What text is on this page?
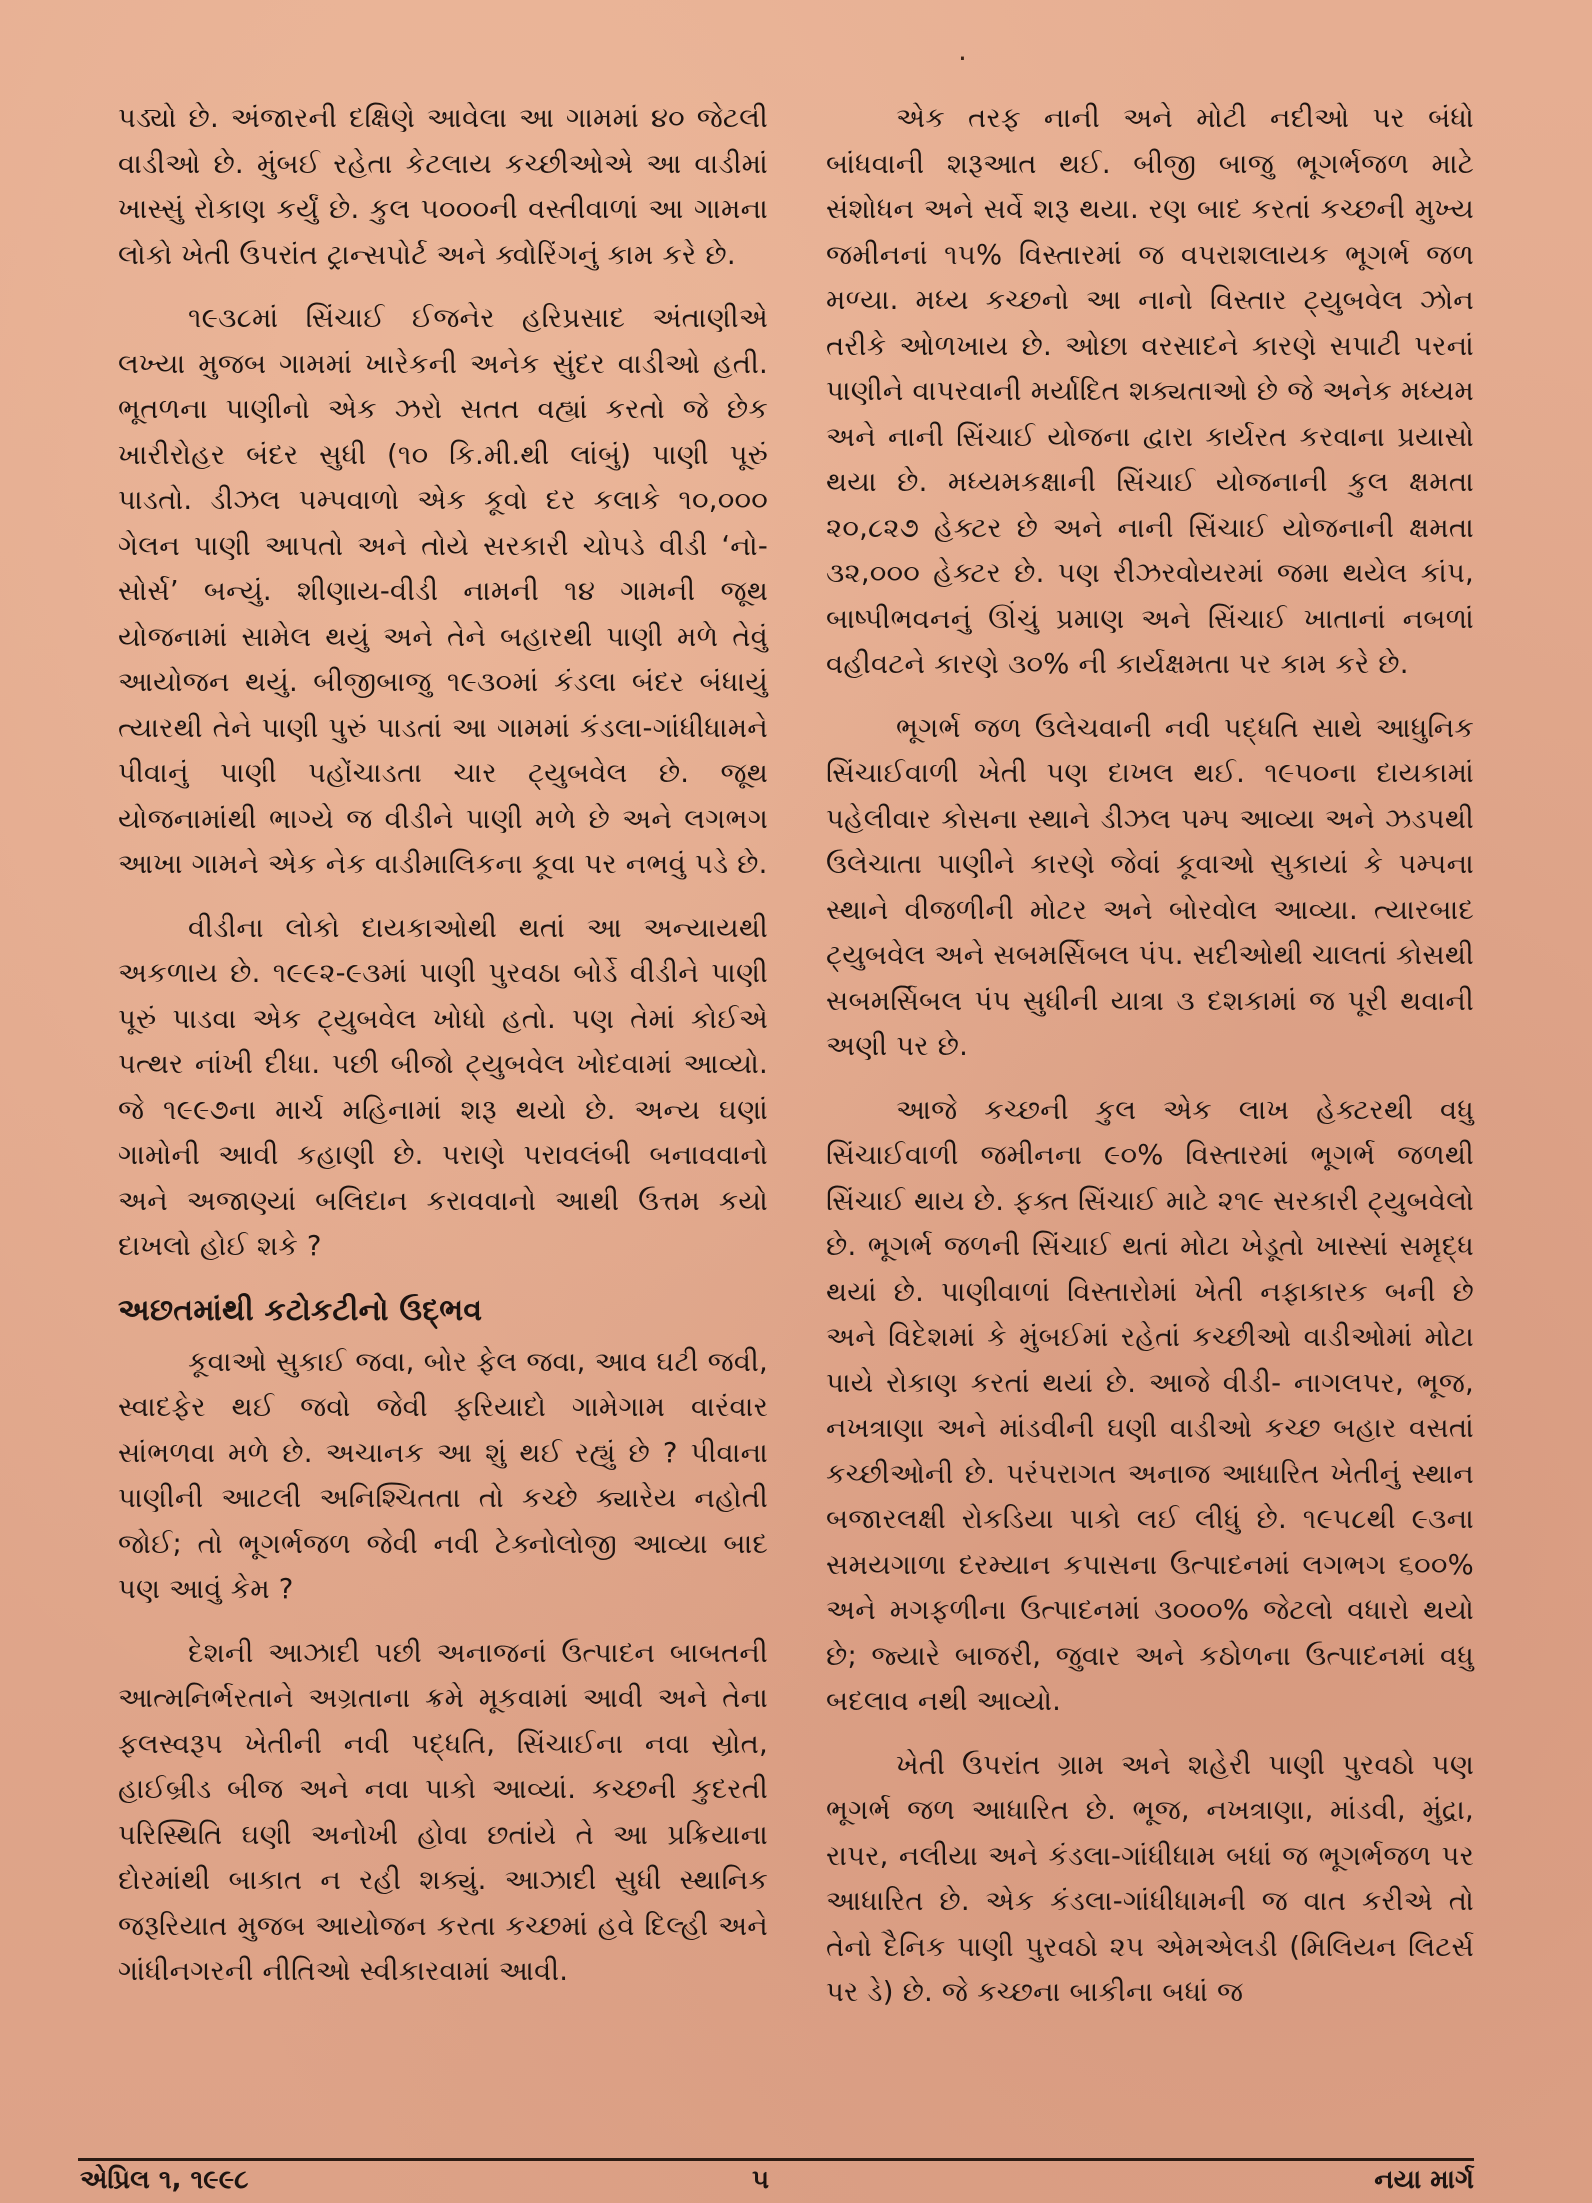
પડ્યો છે. અંજારની દક્ષિણે આવેલા આ ગામમાં ૪૦ જેટલી વાડીઓ છે. મુંબઈ રહેતા કેટલાય કચ્છીઓએ આ વાડીમાં ખાસ્સું રોકાણ કર્યું છે. કુલ ૫૦૦૦ની વસ્તીવાળાં આ ગામના લોકો ખેતી ઉપરાંત ટ્રાન્સપોર્ટ અને ક્વોરિંગનું કામ કરે છે.

૧૯૩૮માં સિંચાઈ ઈજનેર હરિપ્રસાદ અંતાણીએ લખ્યા મુજબ ગામમાં ખારેકની અનેક સુંદર વાડીઓ હતી. ભૂતળના પાણીનો એક ઝરો સતત વહ્યાં કરતો જે છેક ખારીરોહર બંદર સુધી (૧૦ કિ.મી.થી લાંબું) પાણી પૂરું પાડતો. ડીઝલ પમ્પવાળો એક કૂવો દર કલાકે ૧૦,૦૦૦ ગેલન પાણી આપતો અને તોયે સરકારી ચોપડે વીડી ‘નો-સોર્સ’ બન્યું. શીણાય-વીડી નામની ૧૪ ગામની જૂથ યોજનામાં સામેલ થયું અને તેને બહારથી પાણી મળે તેવું આયોજન થયું. બીજીબાજુ ૧૯૩૦માં કંડલા બંદર બંધાયું ત્યારથી તેને પાણી પુરું પાડતાં આ ગામમાં કંડલા-ગાંધીધામને પીવાનું પાણી પહોંચાડતા ચાર ટ્યુબવેલ છે. જૂથ યોજનામાંથી ભાગ્યે જ વીડીને પાણી મળે છે અને લગભગ આખા ગામને એક નેક વાડીમાલિકના કૂવા પર નભવું પડે છે.

વીડીના લોકો દાયકાઓથી થતાં આ અન્યાયથી અકળાય છે. ૧૯૯૨-૯૩માં પાણી પુરવઠા બોર્ડે વીડીને પાણી પૂરું પાડવા એક ટ્યુબવેલ ખોધો હતો. પણ તેમાં કોઈએ પત્થર નાંખી દીધા. પછી બીજો ટ્યુબવેલ ખોદવામાં આવ્યો. જે ૧૯૯૭ના માર્ચ મહિનામાં શરૂ થયો છે. અન્ય ઘણાં ગામોની આવી કહાણી છે. પરાણે પરાવલંબી બનાવવાનો અને અજાણ્યાં બલિદાન કરાવવાનો આથી ઉત્તમ કયો દાખલો હોઈ શકે ?

અછતમાંથી કટોકટીનો ઉદ્ભવ

કૂવાઓ સુકાઈ જવા, બોર ફેલ જવા, આવ ઘટી જવી, સ્વાદફેર થઈ જવો જેવી ફરિયાદો ગામેગામ વારંવાર સાંભળવા મળે છે. અચાનક આ શું થઈ રહ્યું છે ? પીવાના પાણીની આટલી અનિશ્ચિતતા તો કચ્છે ક્યારેય નહોતી જોઈ; તો ભૂગર્ભજળ જેવી નવી ટેક્નોલોજી આવ્યા બાદ પણ આવું કેમ ?

દેશની આઝાદી પછી અનાજનાં ઉત્પાદન બાબતની આત્મનિર્ભરતાને અગ્રતાના ક્રમે મૂકવામાં આવી અને તેના ફલસ્વરૂપ ખેતીની નવી પદ્ધતિ, સિંચાઈના નવા સ્રોત, હાઈબ્રીડ બીજ અને નવા પાકો આવ્યાં. કચ્છની કુદરતી પરિસ્થિતિ ઘણી અનોખી હોવા છતાંયે તે આ પ્રક્રિયાના દોરમાંથી બાકાત ન રહી શક્યું. આઝાદી સુધી સ્થાનિક જરૂરિયાત મુજબ આયોજન કરતા કચ્છમાં હવે દિલ્હી અને ગાંધીનગરની નીતિઓ સ્વીકારવામાં આવી.

એક તરફ નાની અને મોટી નદીઓ પર બંધો બાંધવાની શરૂઆત થઈ. બીજી બાજુ ભૂગર્ભજળ માટે સંશોધન અને સર્વે શરૂ થયા. રણ બાદ કરતાં કચ્છની મુખ્ય જમીનનાં ૧૫% વિસ્તારમાં જ વપરાશલાયક ભૂગર્ભ જળ મળ્યા. મધ્ય કચ્છનો આ નાનો વિસ્તાર ટ્યુબવેલ ઝોન તરીકે ઓળખાય છે. ઓછા વરસાદને કારણે સપાટી પરનાં પાણીને વાપરવાની મર્યાદિત શક્યતાઓ છે જે અનેક મધ્યમ અને નાની સિંચાઈ યોજના દ્વારા કાર્યરત કરવાના પ્રયાસો થયા છે. મધ્યમકક્ષાની સિંચાઈ યોજનાની કુલ ક્ષમતા ૨૦,૮૨૭ હેક્ટર છે અને નાની સિંચાઈ યોજનાની ક્ષમતા ૩૨,૦૦૦ હેક્ટર છે. પણ રીઝરવોયરમાં જમા થયેલ કાંપ, બાષ્પીભવનનું ઊંચું પ્રમાણ અને સિંચાઈ ખાતાનાં નબળાં વહીવટને કારણે ૩૦% ની કાર્યક્ષમતા પર કામ કરે છે.

ભૂગર્ભ જળ ઉલેચવાની નવી પદ્ધતિ સાથે આધુનિક સિંચાઈવાળી ખેતી પણ દાખલ થઈ. ૧૯૫૦ના દાયકામાં પહેલીવાર કોસના સ્થાને ડીઝલ પમ્પ આવ્યા અને ઝડપથી ઉલેચાતા પાણીને કારણે જેવાં કૂવાઓ સુકાયાં કે પમ્પના સ્થાને વીજળીની મોટર અને બોરવોલ આવ્યા. ત્યારબાદ ટ્યુબવેલ અને સબમર્સિબલ પંપ. સદીઓથી ચાલતાં કોસથી સબમર્સિબલ પંપ સુધીની યાત્રા ૩ દશકામાં જ પૂરી થવાની અણી પર છે.

આજે કચ્છની કુલ એક લાખ હેક્ટરથી વધુ સિંચાઈવાળી જમીનના ૯૦% વિસ્તારમાં ભૂગર્ભ જળથી સિંચાઈ થાય છે. ફક્ત સિંચાઈ માટે ૨૧૯ સરકારી ટ્યુબવેલો છે. ભૂગર્ભ જળની સિંચાઈ થતાં મોટા ખેડૂતો ખાસ્સાં સમૃદ્ધ થયાં છે. પાણીવાળાં વિસ્તારોમાં ખેતી નફાકારક બની છે અને વિદેશમાં કે મુંબઈમાં રહેતાં કચ્છીઓ વાડીઓમાં મોટા પાયે રોકાણ કરતાં થયાં છે. આજે વીડી- નાગલપર, ભૂજ, નખત્રાણા અને માંડવીની ઘણી વાડીઓ કચ્છ બહાર વસતાં કચ્છીઓની છે. પરંપરાગત અનાજ આધારિત ખેતીનું સ્થાન બજારલક્ષી રોકડિયા પાકો લઈ લીધું છે. ૧૯૫૮થી ૯૩ના સમયગાળા દરમ્યાન કપાસના ઉત્પાદનમાં લગભગ ૬૦૦% અને મગફળીના ઉત્પાદનમાં ૩૦૦૦% જેટલો વધારો થયો છે; જ્યારે બાજરી, જુવાર અને કઠોળના ઉત્પાદનમાં વધુ બદલાવ નથી આવ્યો.

ખેતી ઉપરાંત ગ્રામ અને શહેરી પાણી પુરવઠો પણ ભૂગર્ભ જળ આધારિત છે. ભૂજ, નખત્રાણા, માંડવી, મુંદ્રા, રાપર, નલીયા અને કંડલા-ગાંધીધામ બધાં જ ભૂગર્ભજળ પર આધારિત છે. એક કંડલા-ગાંધીધામની જ વાત કરીએ તો તેનો દૈનિક પાણી પુરવઠો ૨૫ એમએલડી (મિલિયન લિટર્સ પર ડે) છે. જે કચ્છના બાકીના બધાં જ

·
એપ્રિલ ૧, ૧૯૯૮	૫	નયા માર્ગ
